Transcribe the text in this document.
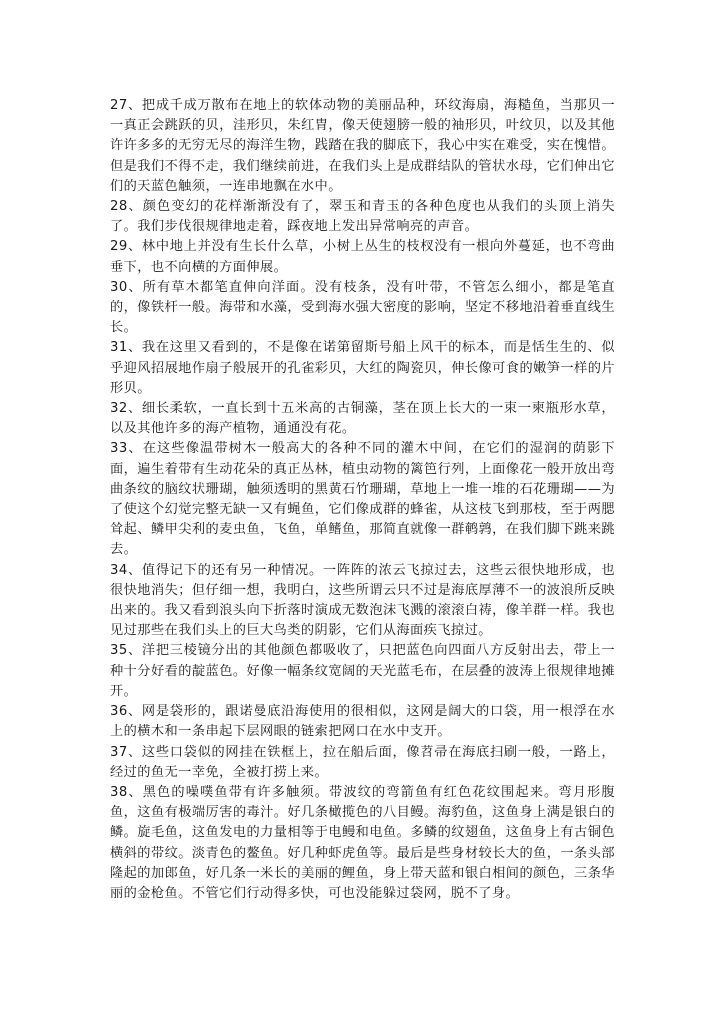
27、把成千成万散布在地上的软体动物的美丽品种，环纹海扇，海糙鱼，当那贝一一真正会跳跃的贝，洼形贝，朱红胄，像天使翅膀一般的袖形贝，叶纹贝，以及其他许许多多的无穷无尽的海洋生物，践踏在我的脚底下，我心中实在难受，实在愧惜。但是我们不得不走，我们继续前进，在我们头上是成群结队的管状水母，它们伸出它们的天蓝色触须，一连串地飘在水中。

28、颜色变幻的花样渐渐没有了，翠玉和青玉的各种色度也从我们的头顶上消失了。我们步伐很规律地走着，踩夜地上发出异常响亮的声音。

29、林中地上并没有生长什么草，小树上丛生的枝杈没有一根向外蔓延，也不弯曲垂下，也不向横的方面伸展。

30、所有草木都笔直伸向洋面。没有枝条，没有叶带，不管怎么细小，都是笔直的，像铁杆一般。海带和水藻，受到海水强大密度的影响，坚定不移地沿着垂直线生长。

31、我在这里又看到的，不是像在诺第留斯号船上风干的标本，而是恬生生的、似乎迎风招展地作扇子般展开的孔雀彩贝，大红的陶瓷贝，伸长像可食的嫩笋一样的片形贝。

32、细长柔软，一直长到十五米高的古铜藻，茎在顶上长大的一束一柬瓶形水草，以及其他许多的海产植物，通通没有花。

33、在这些像温带树木一般高大的各种不同的灌木中间，在它们的湿润的荫影下面，遍生着带有生动花朵的真正丛林，植虫动物的篱笆行列，上面像花一般开放出弯曲条纹的脑纹状珊瑚，触须透明的黑黄石竹珊瑚，草地上一堆一堆的石花珊瑚——为了使这个幻觉完整无缺一又有蝇鱼，它们像成群的蜂雀，从这枝飞到那枝，至于两腮耸起、鳞甲尖利的麦虫鱼，飞鱼，单鳍鱼，那简直就像一群鹌鹑，在我们脚下跳来跳去。

34、值得记下的还有另一种情况。一阵阵的浓云飞掠过去，这些云很快地形成，也很快地消失；但仔细一想，我明白，这些所谓云只不过是海底厚薄不一的波浪所反映出来的。我又看到浪头向下折落时演成无数泡沫飞溅的滚滚白祷，像羊群一样。我也见过那些在我们头上的巨大鸟类的阴影，它们从海面疾飞掠过。

35、洋把三棱镜分出的其他颜色都吸收了，只把蓝色向四面八方反射出去，带上一种十分好看的靛蓝色。好像一幅条纹宽阔的天光蓝毛布，在层叠的波涛上很规律地摊开。

36、网是袋形的，跟诺曼底沿海使用的很相似，这网是阔大的口袋，用一根浮在水上的横木和一条串起下层网眼的链索把网口在水中支开。

37、这些口袋似的网挂在铁框上，拉在船后面，像苕帚在海底扫刷一般，一路上，经过的鱼无一幸免，全被打捞上来。

38、黑色的噪噗鱼带有许多触须。带波纹的弯箭鱼有红色花纹围起来。弯月形腹鱼，这鱼有极端厉害的毒汁。好几条橄揽色的八目鳗。海豹鱼，这鱼身上满是银白的鳞。旋毛鱼，这鱼发电的力量相等于电鳗和电鱼。多鳞的纹翅鱼，这鱼身上有古铜色横斜的带纹。淡青色的鳌鱼。好几种虾虎鱼等。最后是些身材较长大的鱼，一条头部隆起的加郎鱼，好几条一米长的美丽的鲤鱼，身上带天蓝和银白相间的颜色，三条华丽的金枪鱼。不管它们行动得多快，可也没能躲过袋网，脱不了身。
